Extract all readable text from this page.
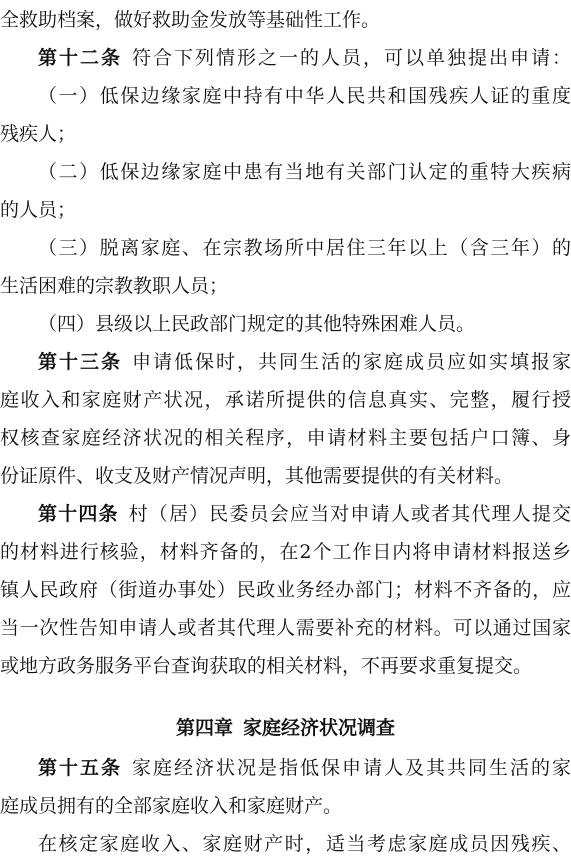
全救助档案，做好救助金发放等基础性工作。
第十二条 符合下列情形之一的人员，可以单独提出申请：
（一）低保边缘家庭中持有中华人民共和国残疾人证的重度
残疾人；
（二）低保边缘家庭中患有当地有关部门认定的重特大疾病
的人员；
（三）脱离家庭、在宗教场所中居住三年以上（含三年）的
生活困难的宗教教职人员；
（四）县级以上民政部门规定的其他特殊困难人员。
第十三条 申请低保时，共同生活的家庭成员应如实填报家
庭收入和家庭财产状况，承诺所提供的信息真实、完整，履行授
权核查家庭经济状况的相关程序，申请材料主要包括户口簿、身
份证原件、收支及财产情况声明，其他需要提供的有关材料。
第十四条 村（居）民委员会应当对申请人或者其代理人提交
的材料进行核验，材料齐备的，在2个工作日内将申请材料报送乡
镇人民政府（街道办事处）民政业务经办部门；材料不齐备的，应
当一次性告知申请人或者其代理人需要补充的材料。可以通过国家
或地方政务服务平台查询获取的相关材料，不再要求重复提交。
第四章 家庭经济状况调查
第十五条 家庭经济状况是指低保申请人及其共同生活的家
庭成员拥有的全部家庭收入和家庭财产。
在核定家庭收入、家庭财产时，适当考虑家庭成员因残疾、
